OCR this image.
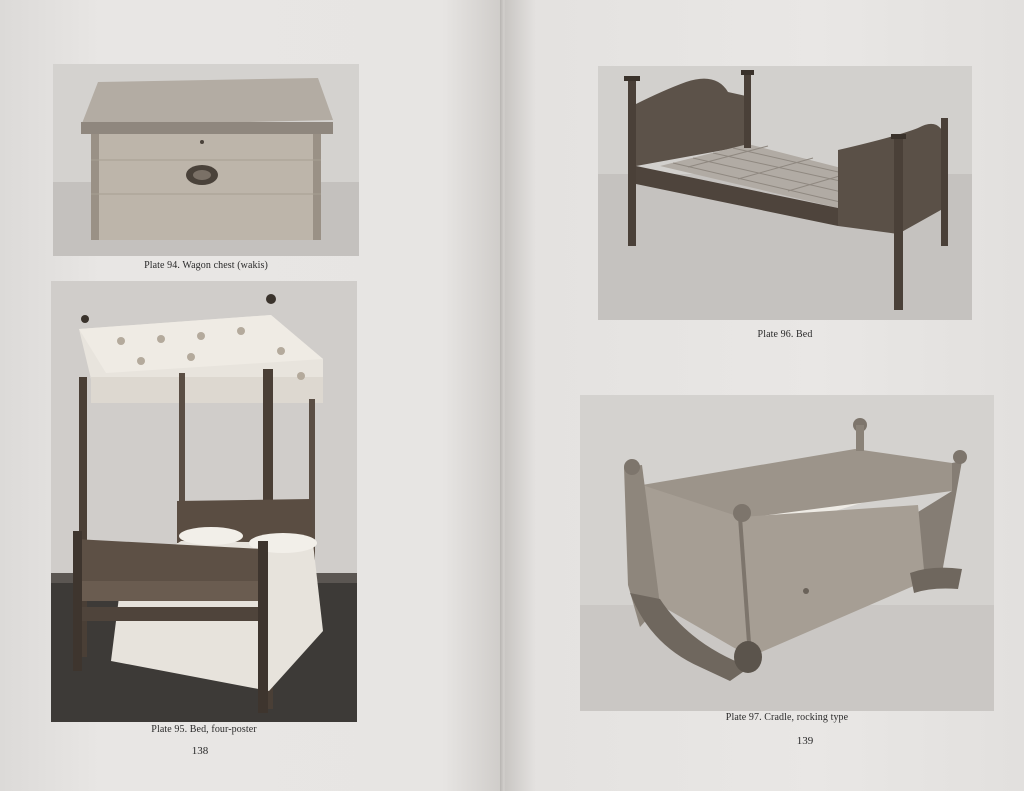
Plate 94. Wagon chest (wakis)
Plate 95. Bed, four-poster
138
Plate 96. Bed
Plate 97. Cradle, rocking type
139
